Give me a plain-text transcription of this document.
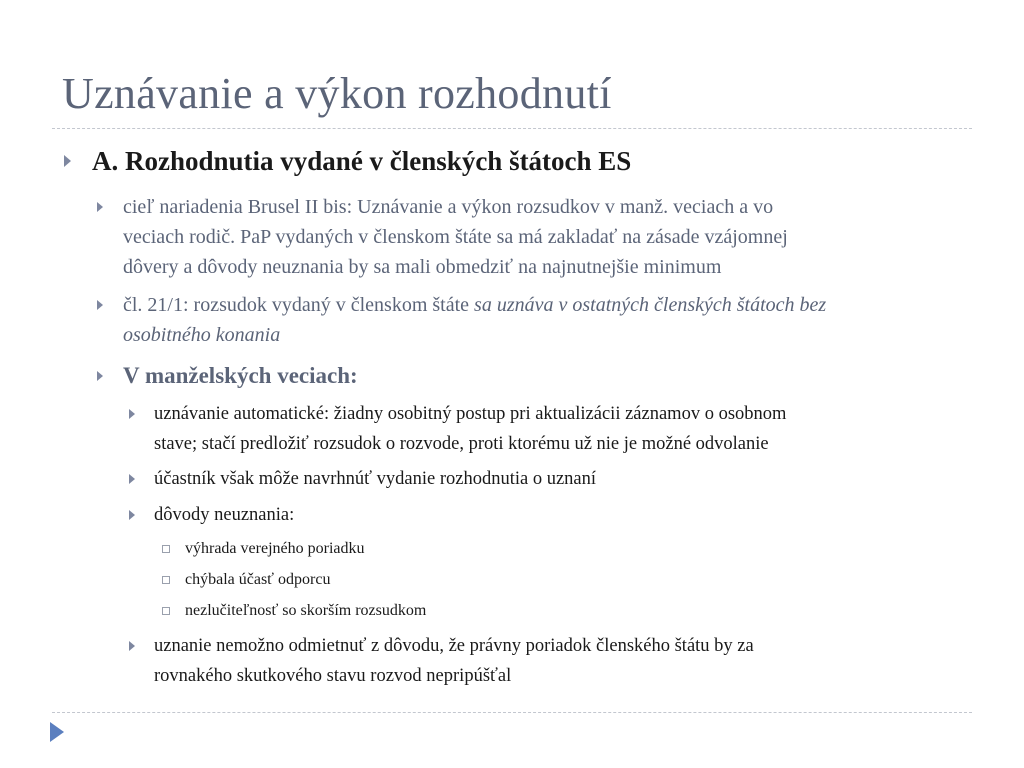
Uznávanie a výkon rozhodnutí

A. Rozhodnutia vydané v členských štátoch ES

cieľ nariadenia Brusel II bis: Uznávanie a výkon rozsudkov v manž. veciach a vo

veciach rodič. PaP vydaných v členskom štáte sa má zakladať na zásade vzájomnej

dôvery a dôvody neuznania by sa mali obmedziť na najnutnejšie minimum

čl. 21/1: rozsudok vydaný v členskom štáte sa uznáva v ostatných členských štátoch bez

osobitného konania

V manželských veciach:

uznávanie automatické: žiadny osobitný postup pri aktualizácii záznamov o osobnom

stave; stačí predložiť rozsudok o rozvode, proti ktorému už nie je možné odvolanie

účastník však môže navrhnúť vydanie rozhodnutia o uznaní

dôvody neuznania:

výhrada verejného poriadku

chýbala účasť odporcu

nezlučiteľnosť so skorším rozsudkom

uznanie nemožno odmietnuť z dôvodu, že právny poriadok členského štátu by za

rovnakého skutkového stavu rozvod nepripúšťal
